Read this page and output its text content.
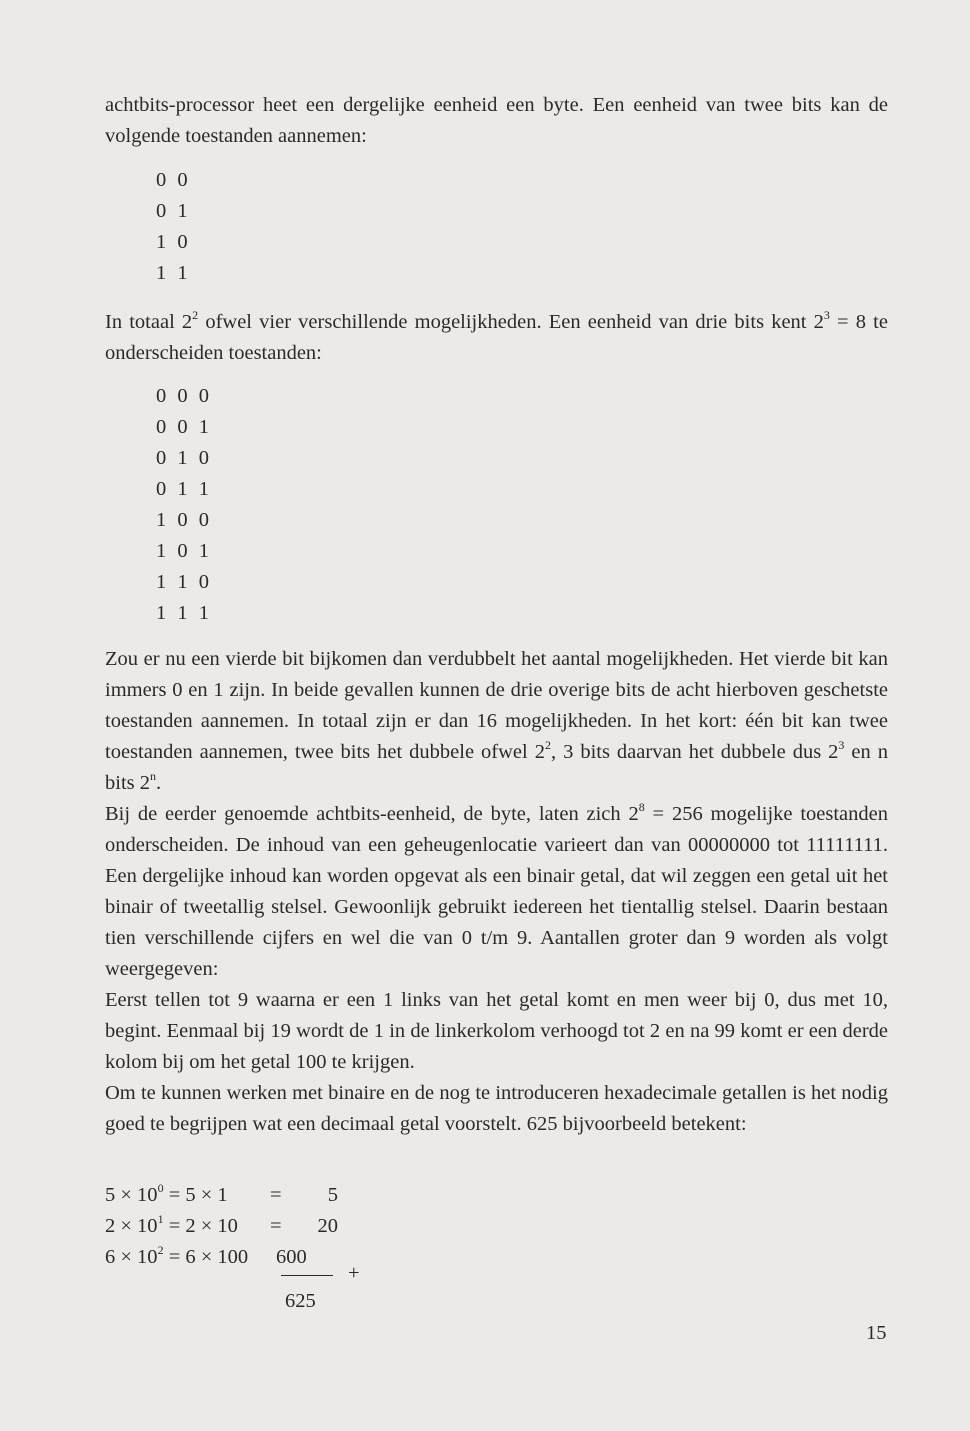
achtbits-processor heet een dergelijke eenheid een byte. Een eenheid van twee bits kan de volgende toestanden aannemen:

0 0
0 1
1 0
1 1

In totaal $2^2$ ofwel vier verschillende mogelijkheden. Een eenheid van drie bits kent $2^3 = 8$ te onderscheiden toestanden:

0 0 0
0 0 1
0 1 0
0 1 1
1 0 0
1 0 1
1 1 0
1 1 1

Zou er nu een vierde bit bijkomen dan verdubbelt het aantal mogelijkheden. Het vierde bit kan immers 0 en 1 zijn. In beide gevallen kunnen de drie overige bits de acht hierboven geschetste toestanden aannemen. In totaal zijn er dan 16 mogelijkheden. In het kort: één bit kan twee toestanden aannemen, twee bits het dubbele ofwel $2^2$, 3 bits daarvan het dubbele dus $2^3$ en n bits 2$^n$.

Bij de eerder genoemde achtbits-eenheid, de byte, laten zich $2^8 = 256$ mogelijke toestanden onderscheiden. De inhoud van een geheugenlocatie varieert dan van 00000000 tot 11111111. Een dergelijke inhoud kan worden opgevat als een binair getal, dat wil zeggen een getal uit het binair of tweetallig stelsel. Gewoonlijk gebruikt iedereen het tientallig stelsel. Daarin bestaan tien verschillende cijfers en wel die van 0 t/m 9. Aantallen groter dan 9 worden als volgt weergegeven:

Eerst tellen tot 9 waarna er een 1 links van het getal komt en men weer bij 0, dus met 10, begint. Eenmaal bij 19 wordt de 1 in de linkerkolom verhoogd tot 2 en na 99 komt er een derde kolom bij om het getal 100 te krijgen.

Om te kunnen werken met binaire en de nog te introduceren hexadecimale getallen is het nodig goed te begrijpen wat een decimaal getal voorstelt. 625 bijvoorbeeld betekent:

$5 \times 10^0 = 5 \times 1$ =	5
$2 \times 10^1 = 2 \times 10$ =	20
$6 \times 10^2 = 6 \times 100$ 600
+
625
15
